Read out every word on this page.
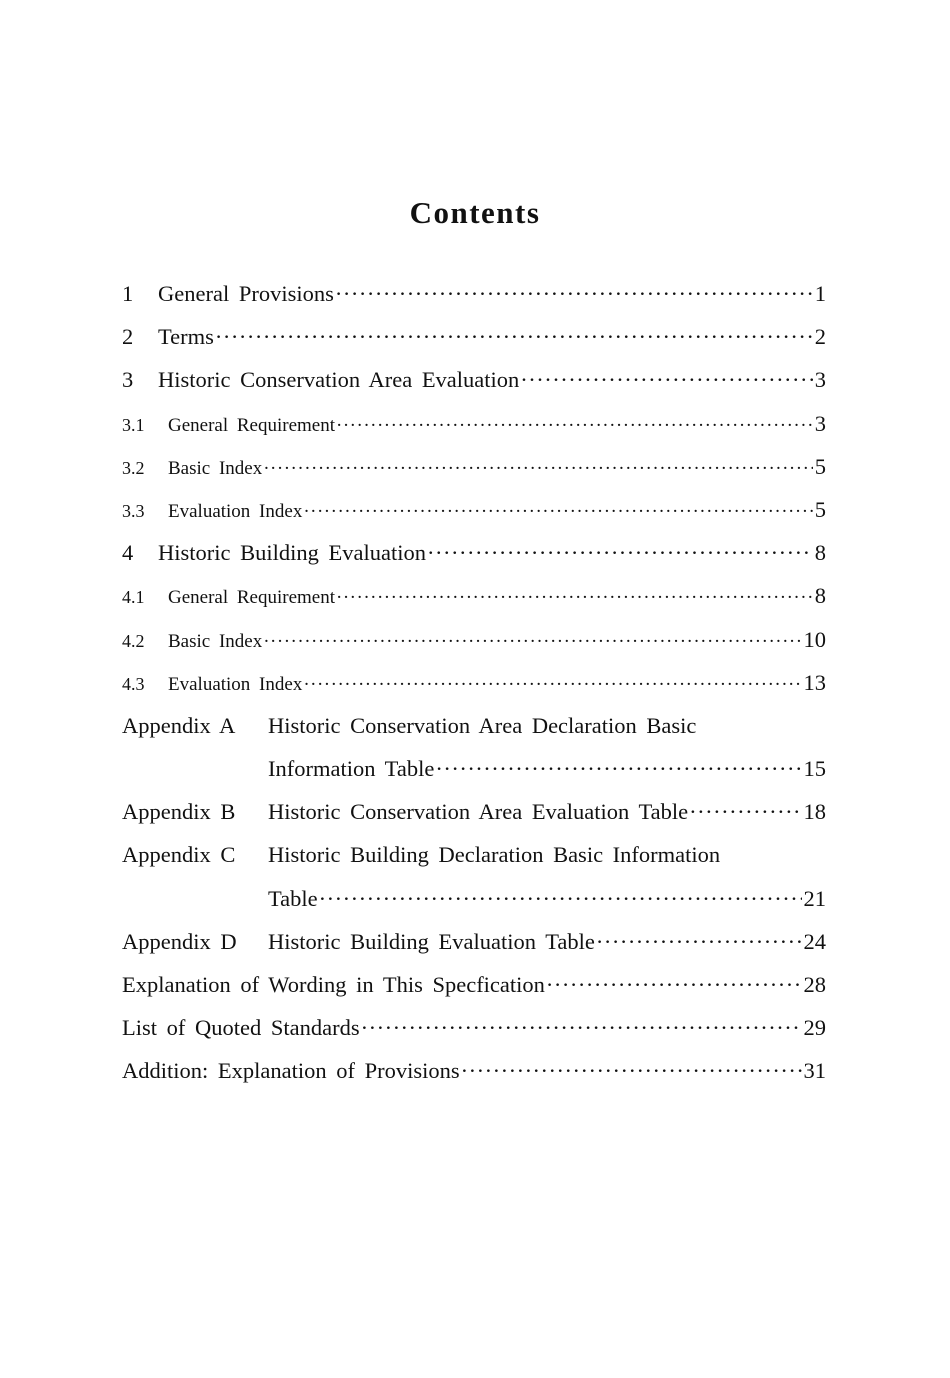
Contents
1	General Provisions ·····	1
2	Terms ·····	2
3	Historic Conservation Area Evaluation ·····	3
3.1	General Requirement ·····	3
3.2	Basic Index ·····	5
3.3	Evaluation Index ·····	5
4	Historic Building Evaluation ·····	8
4.1	General Requirement ·····	8
4.2	Basic Index ·····	10
4.3	Evaluation Index ·····	13
Appendix A	Historic Conservation Area Declaration Basic
Information Table ·····	15
Appendix B	Historic Conservation Area Evaluation Table ·····	18
Appendix C	Historic Building Declaration Basic Information
Table ·····	21
Appendix D	Historic Building Evaluation Table ·····	24
Explanation of Wording in This Specfication ·····	28
List of Quoted Standards ·····	29
Addition: Explanation of Provisions ·····	31
